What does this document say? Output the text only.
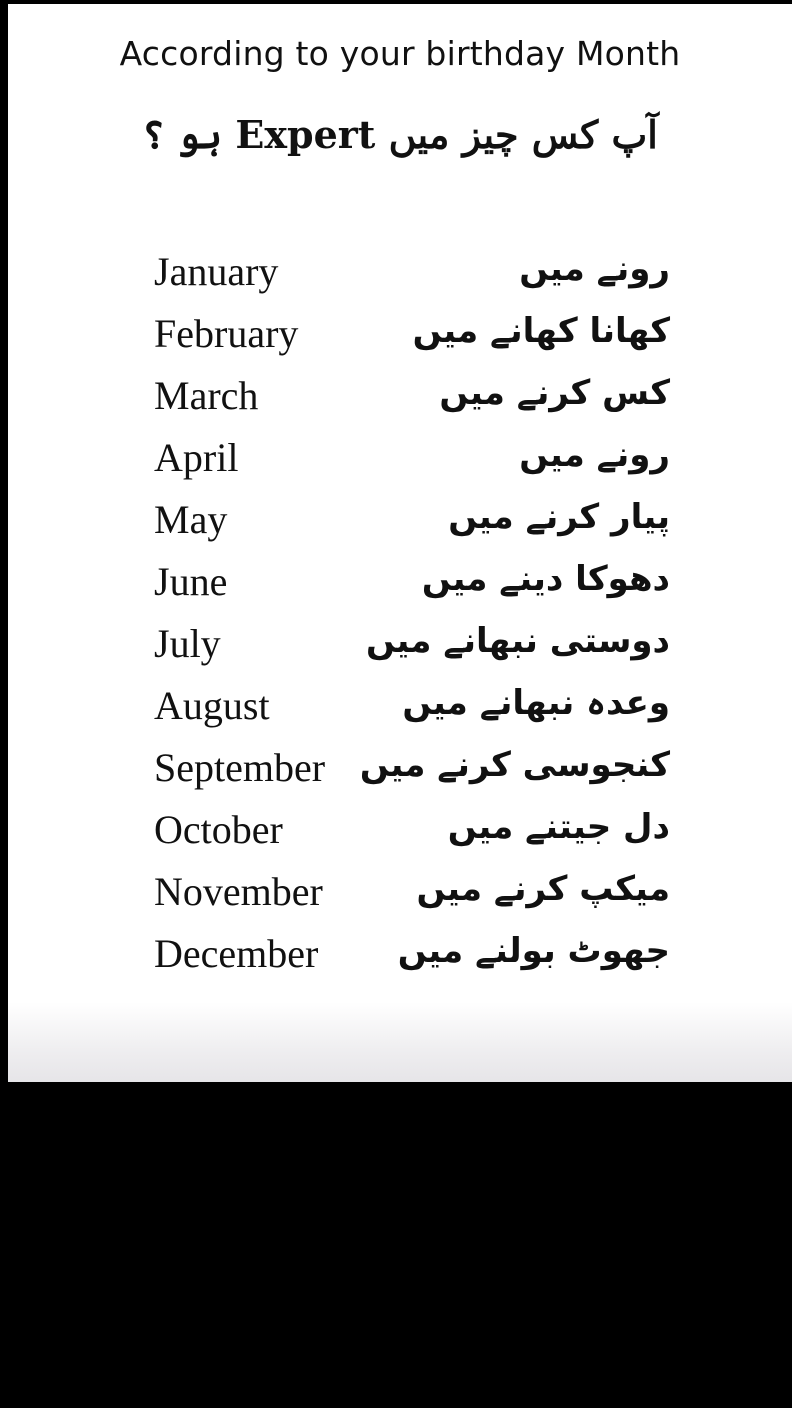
According to your birthday Month
آپ کس چیز میں Expert ہو ؟
January	رونے میں
February	کھانا کھانے میں
March	کس کرنے میں
April	رونے میں
May	پیار کرنے میں
June	دھوکا دینے میں
July	دوستی نبھانے میں
August	وعدہ نبھانے میں
September کنجوسی کرنے میں
October	دل جیتنے میں
November	میکپ کرنے میں
December جھوٹ بولنے میں
